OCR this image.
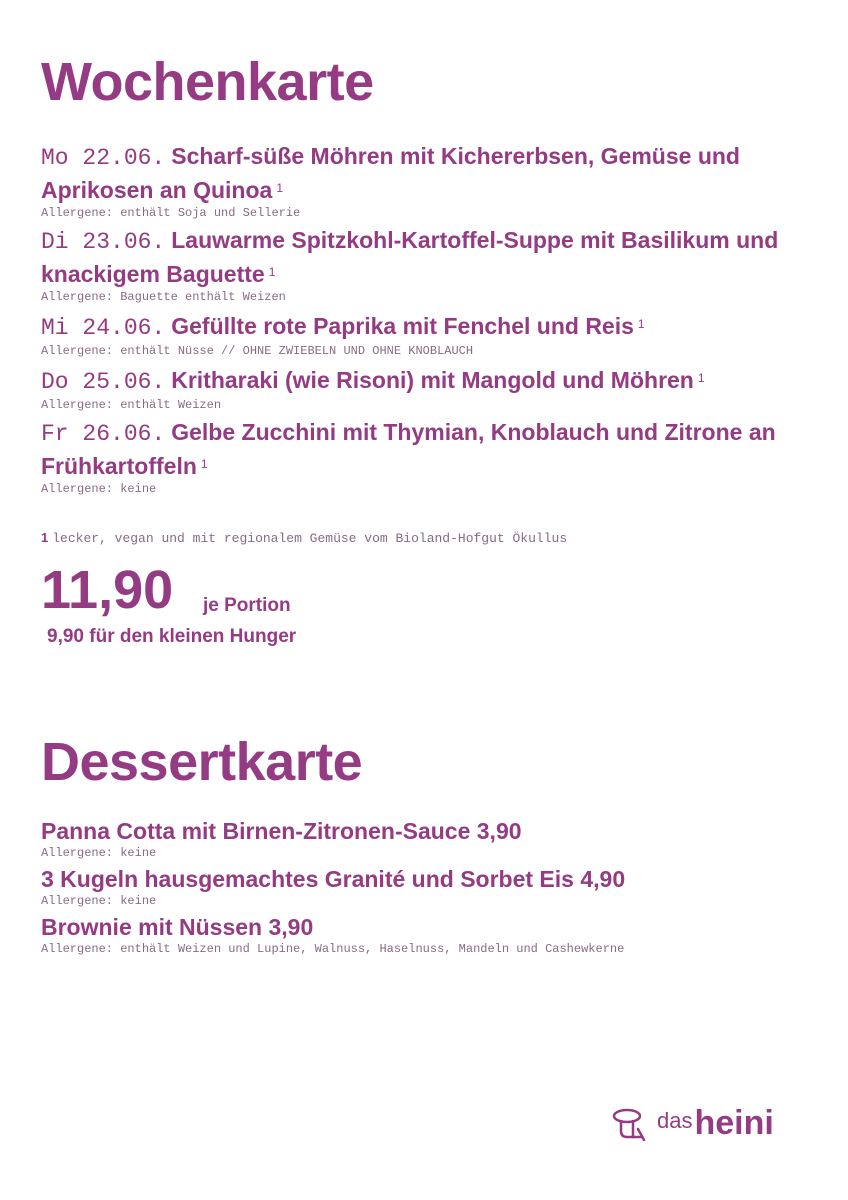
Wochenkarte
Mo 22.06. Scharf-süße Möhren mit Kichererbsen, Gemüse und Aprikosen an Quinoa $^1$
Allergene: enthält Soja und Sellerie
Di 23.06. Lauwarme Spitzkohl-Kartoffel-Suppe mit Basilikum und knackigem Baguette $^1$
Allergene: Baguette enthält Weizen
Mi 24.06. Gefüllte rote Paprika mit Fenchel und Reis $^1$
Allergene: enthält Nüsse // OHNE ZWIEBELN UND OHNE KNOBLAUCH
Do 25.06. Kritharaki (wie Risoni) mit Mangold und Möhren $^1$
Allergene: enthält Weizen
Fr 26.06. Gelbe Zucchini mit Thymian, Knoblauch und Zitrone an Frühkartoffeln $^1$
Allergene: keine
1 lecker, vegan und mit regionalem Gemüse vom Bioland-Hofgut Ökullus
11,90 je Portion
9,90 für den kleinen Hunger
Dessertkarte
Panna Cotta mit Birnen-Zitronen-Sauce 3,90
Allergene: keine
3 Kugeln hausgemachtes Granité und Sorbet Eis 4,90
Allergene: keine
Brownie mit Nüssen 3,90
Allergene: enthält Weizen und Lupine, Walnuss, Haselnuss, Mandeln und Cashewkerne
das heini
